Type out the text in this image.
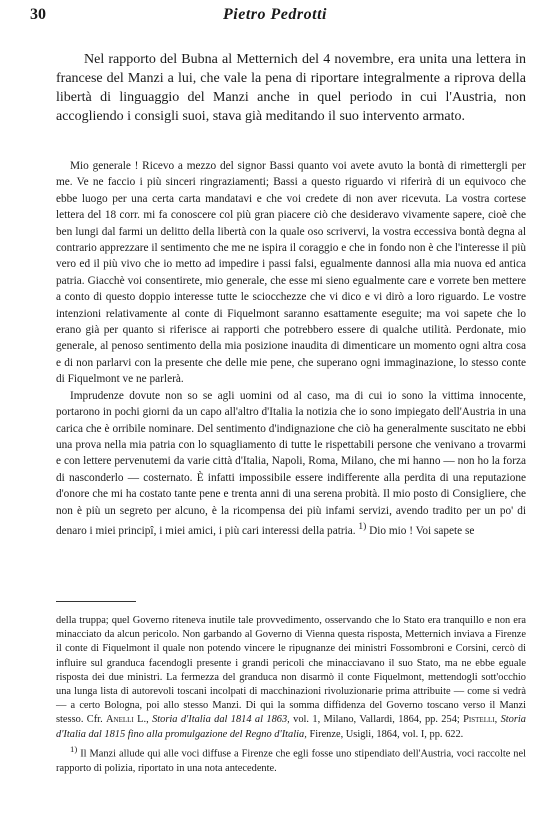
30	Pietro Pedrotti

Nel rapporto del Bubna al Metternich del 4 novembre, era unita una lettera in francese del Manzi a lui, che vale la pena di riportare integralmente a riprova della libertà di linguaggio del Manzi anche in quel periodo in cui l'Austria, non accogliendo i consigli suoi, stava già meditando il suo intervento armato.

Mio generale ! Ricevo a mezzo del signor Bassi quanto voi avete avuto la bontà di rimettergli per me. Ve ne faccio i più sinceri ringraziamenti; Bassi a questo riguardo vi riferirà di un equivoco che ebbe luogo per una certa carta mandatavi e che voi credete di non aver ricevuta. La vostra cortese lettera del 18 corr. mi fa conoscere col più gran piacere ciò che desideravo vivamente sapere, cioè che ben lungi dal farmi un delitto della libertà con la quale oso scrivervi, la vostra eccessiva bontà degna al contrario apprezzare il sentimento che me ne ispira il coraggio e che in fondo non è che l'interesse il più vero ed il più vivo che io metto ad impedire i passi falsi, egualmente dannosi alla mia nuova ed antica patria. Giacchè voi consentirete, mio generale, che esse mi sieno egualmente care e vorrete ben mettere a conto di questo doppio interesse tutte le sciocchezze che vi dico e vi dirò a loro riguardo. Le vostre intenzioni relativamente al conte di Fiquelmont saranno esattamente eseguite; ma voi sapete che lo erano già per quanto si riferisce ai rapporti che potrebbero essere di qualche utilità. Perdonate, mio generale, al penoso sentimento della mia posizione inaudita di dimenticare un momento ogni altra cosa e di non parlarvi con la presente che delle mie pene, che superano ogni immaginazione, lo stesso conte di Fiquelmont ve ne parlerà.

Imprudenze dovute non so se agli uomini od al caso, ma di cui io sono la vittima innocente, portarono in pochi giorni da un capo all'altro d'Italia la notizia che io sono impiegato dell'Austria in una carica che è orribile nominare. Del sentimento d'indignazione che ciò ha generalmente suscitato ne ebbi una prova nella mia patria con lo squagliamento di tutte le rispettabili persone che venivano a trovarmi e con lettere pervenutemi da varie città d'Italia, Napoli, Roma, Milano, che mi hanno — non ho la forza di nasconderlo — costernato. È infatti impossibile essere indifferente alla perdita di una reputazione d'onore che mi ha costato tante pene e trenta anni di una serena probità. Il mio posto di Consigliere, che non è più un segreto per alcuno, è la ricompensa dei più infami servizi, avendo tradito per un po' di denaro i miei principî, i miei amici, i più cari interessi della patria. $^{1)}$ Dio mio ! Voi sapete se

della truppa; quel Governo riteneva inutile tale provvedimento, osservando che lo Stato era tranquillo e non era minacciato da alcun pericolo. Non garbando al Governo di Vienna questa risposta, Metternich inviava a Firenze il conte di Fiquelmont il quale non potendo vincere le ripugnanze dei ministri Fossombroni e Corsini, cercò di influire sul granduca facendogli presente i grandi pericoli che minacciavano il suo Stato, ma ne ebbe eguale risposta dei due ministri. La fermezza del granduca non disarmò il conte Fiquelmont, mettendogli sott'occhio una lunga lista di autorevoli toscani incolpati di macchinazioni rivoluzionarie prima attribuite — come si vedrà — a certo Bologna, poi allo stesso Manzi. Di qui la somma diffidenza del Governo toscano verso il Manzi stesso. Cfr. Anelli L., Storia d'Italia dal 1814 al 1863, vol. 1, Milano, Vallardi, 1864, pp. 254; Pistelli, Storia d'Italia dal 1815 fino alla promulgazione del Regno d'Italia, Firenze, Usigli, 1864, vol. I, pp. 622.

$^{1)}$ Il Manzi allude qui alle voci diffuse a Firenze che egli fosse uno stipendiato dell'Austria, voci raccolte nel rapporto di polizia, riportato in una nota antecedente.
